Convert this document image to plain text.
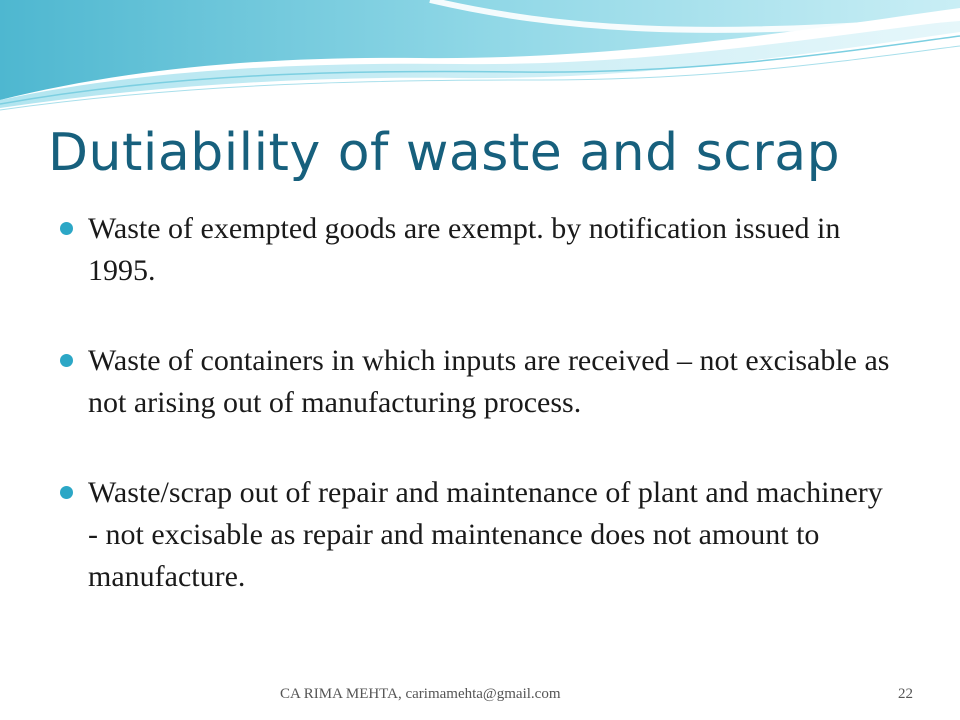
Dutiability of waste and scrap
Waste of exempted goods are exempt. by notification issued in 1995.
Waste of containers in which inputs are received – not excisable as not arising out of manufacturing process.
Waste/scrap out of repair and maintenance of plant and machinery - not excisable as repair and maintenance does not amount to manufacture.
CA RIMA MEHTA, carimamehta@gmail.com	22
